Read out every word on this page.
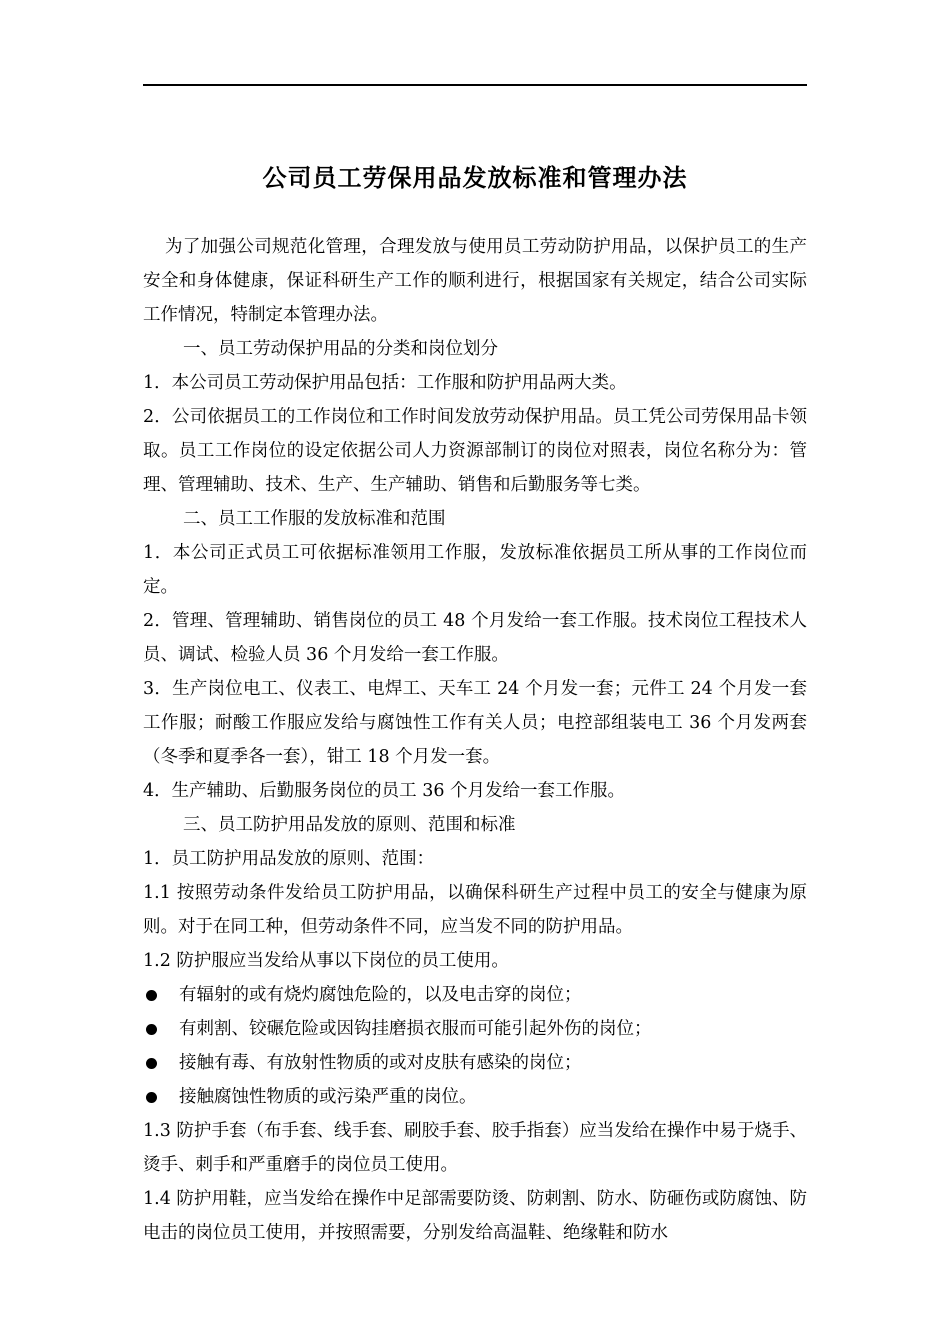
公司员工劳保用品发放标准和管理办法

为了加强公司规范化管理，合理发放与使用员工劳动防护用品，以保护员工的生产安全和身体健康，保证科研生产工作的顺利进行，根据国家有关规定，结合公司实际工作情况，特制定本管理办法。

一、员工劳动保护用品的分类和岗位划分

1．本公司员工劳动保护用品包括：工作服和防护用品两大类。

2．公司依据员工的工作岗位和工作时间发放劳动保护用品。员工凭公司劳保用品卡领取。员工工作岗位的设定依据公司人力资源部制订的岗位对照表，岗位名称分为：管理、管理辅助、技术、生产、生产辅助、销售和后勤服务等七类。

二、员工工作服的发放标准和范围

1．本公司正式员工可依据标准领用工作服，发放标准依据员工所从事的工作岗位而定。

2．管理、管理辅助、销售岗位的员工 48 个月发给一套工作服。技术岗位工程技术人员、调试、检验人员 36 个月发给一套工作服。

3．生产岗位电工、仪表工、电焊工、天车工 24 个月发一套；元件工 24 个月发一套工作服；耐酸工作服应发给与腐蚀性工作有关人员；电控部组装电工 36 个月发两套（冬季和夏季各一套），钳工 18 个月发一套。

4．生产辅助、后勤服务岗位的员工 36 个月发给一套工作服。

三、员工防护用品发放的原则、范围和标准

1．员工防护用品发放的原则、范围：

1.1 按照劳动条件发给员工防护用品，以确保科研生产过程中员工的安全与健康为原则。对于在同工种，但劳动条件不同，应当发不同的防护用品。

1.2 防护服应当发给从事以下岗位的员工使用。

有辐射的或有烧灼腐蚀危险的，以及电击穿的岗位；
有刺割、铰碾危险或因钩挂磨损衣服而可能引起外伤的岗位；
接触有毒、有放射性物质的或对皮肤有感染的岗位；
接触腐蚀性物质的或污染严重的岗位。

1.3 防护手套（布手套、线手套、刷胶手套、胶手指套）应当发给在操作中易于烧手、烫手、刺手和严重磨手的岗位员工使用。

1.4 防护用鞋，应当发给在操作中足部需要防烫、防刺割、防水、防砸伤或防腐蚀、防电击的岗位员工使用，并按照需要，分别发给高温鞋、绝缘鞋和防水
